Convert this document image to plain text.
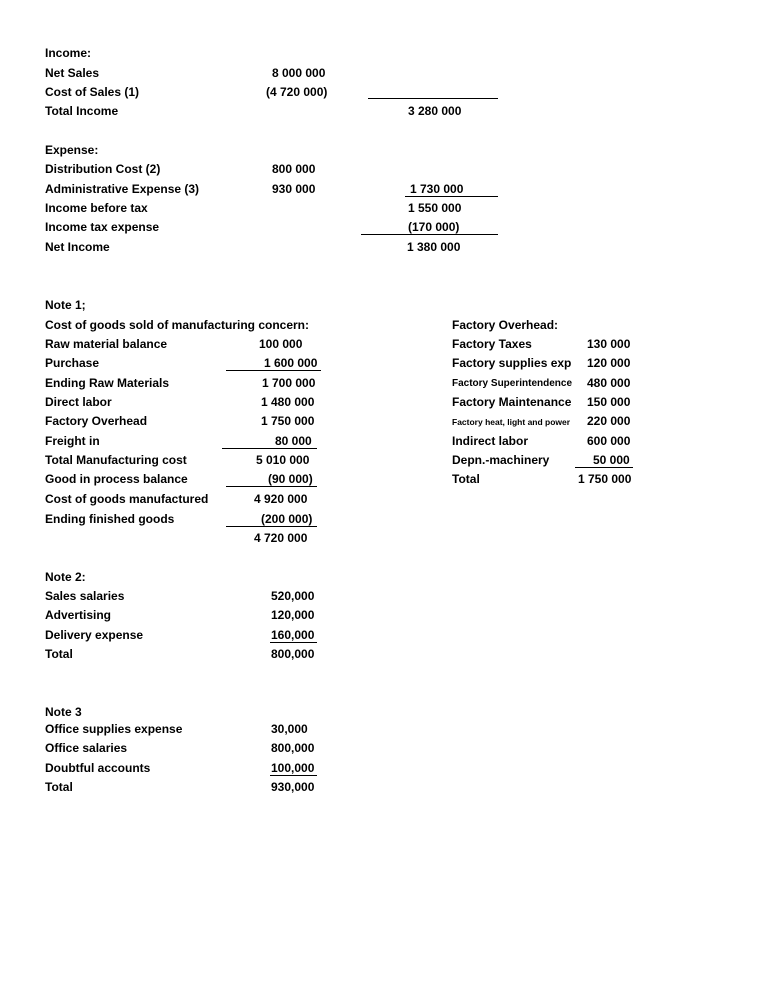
Income:
Net Sales	8 000 000
Cost of Sales (1)	(4 720 000)
Total Income	3 280 000
Expense:
Distribution Cost (2)	800 000
Administrative Expense (3)	930 000	1 730 000
Income before tax	1 550 000
Income tax expense	(170 000)
Net Income	1 380 000
Note 1;
Cost of goods sold of manufacturing concern:
Raw material balance	100 000
Purchase	1 600 000
Ending Raw Materials	1 700 000
Direct labor	1 480 000
Factory Overhead	1 750 000
Freight in	80 000
Total Manufacturing cost	5 010 000
Good in process balance	(90 000)
Cost of goods manufactured	4 920 000
Ending finished goods	(200 000)
4 720 000
Factory Overhead:
Factory Taxes	130 000
Factory supplies exp 120 000
Factory Superintendence 480 000
Factory Maintenance 150 000
Factory heat, light and power 220 000
Indirect labor	600 000
Depn.-machinery	50 000
Total	1 750 000
Note 2:
Sales salaries	520,000
Advertising	120,000
Delivery expense	160,000
Total	800,000
Note 3
Office supplies expense	30,000
Office salaries	800,000
Doubtful accounts	100,000
Total	930,000
